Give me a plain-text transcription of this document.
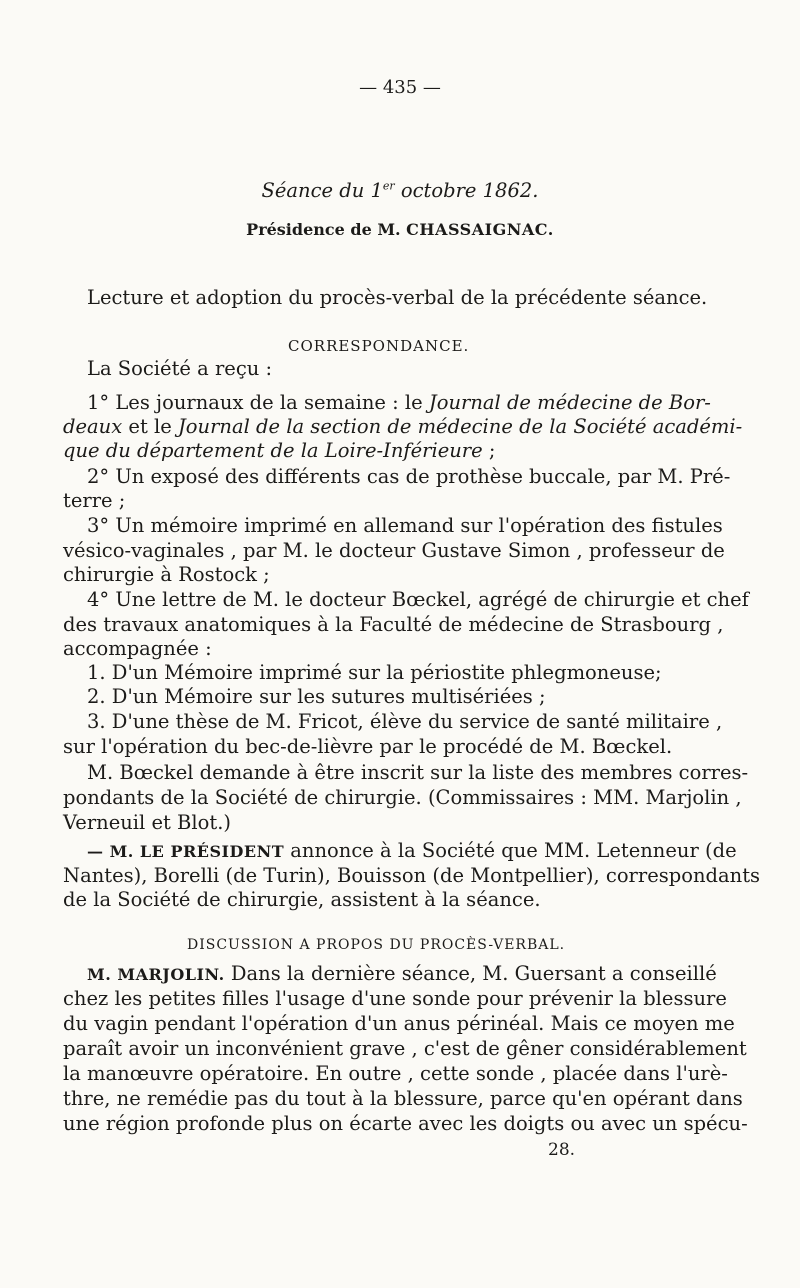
— 435 —
Séance du 1er octobre 1862.
Présidence de M. CHASSAIGNAC.
Lecture et adoption du procès-verbal de la précédente séance.
CORRESPONDANCE.
La Société a reçu :
1° Les journaux de la semaine : le Journal de médecine de Bor-
deaux et le Journal de la section de médecine de la Société académi-
que du département de la Loire-Inférieure ;
2° Un exposé des différents cas de prothèse buccale, par M. Pré-
terre ;
3° Un mémoire imprimé en allemand sur l'opération des fistules
vésico-vaginales , par M. le docteur Gustave Simon , professeur de
chirurgie à Rostock ;
4° Une lettre de M. le docteur Bœckel, agrégé de chirurgie et chef
des travaux anatomiques à la Faculté de médecine de Strasbourg ,
accompagnée :
1. D'un Mémoire imprimé sur la périostite phlegmoneuse;
2. D'un Mémoire sur les sutures multisériées ;
3. D'une thèse de M. Fricot, élève du service de santé militaire ,
sur l'opération du bec-de-lièvre par le procédé de M. Bœckel.
M. Bœckel demande à être inscrit sur la liste des membres corres-
pondants de la Société de chirurgie. (Commissaires : MM. Marjolin ,
Verneuil et Blot.)
— M. LE PRÉSIDENT annonce à la Société que MM. Letenneur (de
Nantes), Borelli (de Turin), Bouisson (de Montpellier), correspondants
de la Société de chirurgie, assistent à la séance.
DISCUSSION A PROPOS DU PROCÈS-VERBAL.
M. MARJOLIN. Dans la dernière séance, M. Guersant a conseillé
chez les petites filles l'usage d'une sonde pour prévenir la blessure
du vagin pendant l'opération d'un anus périnéal. Mais ce moyen me
paraît avoir un inconvénient grave , c'est de gêner considérablement
la manœuvre opératoire. En outre , cette sonde , placée dans l'urè-
thre, ne remédie pas du tout à la blessure, parce qu'en opérant dans
une région profonde plus on écarte avec les doigts ou avec un spécu-
28.
